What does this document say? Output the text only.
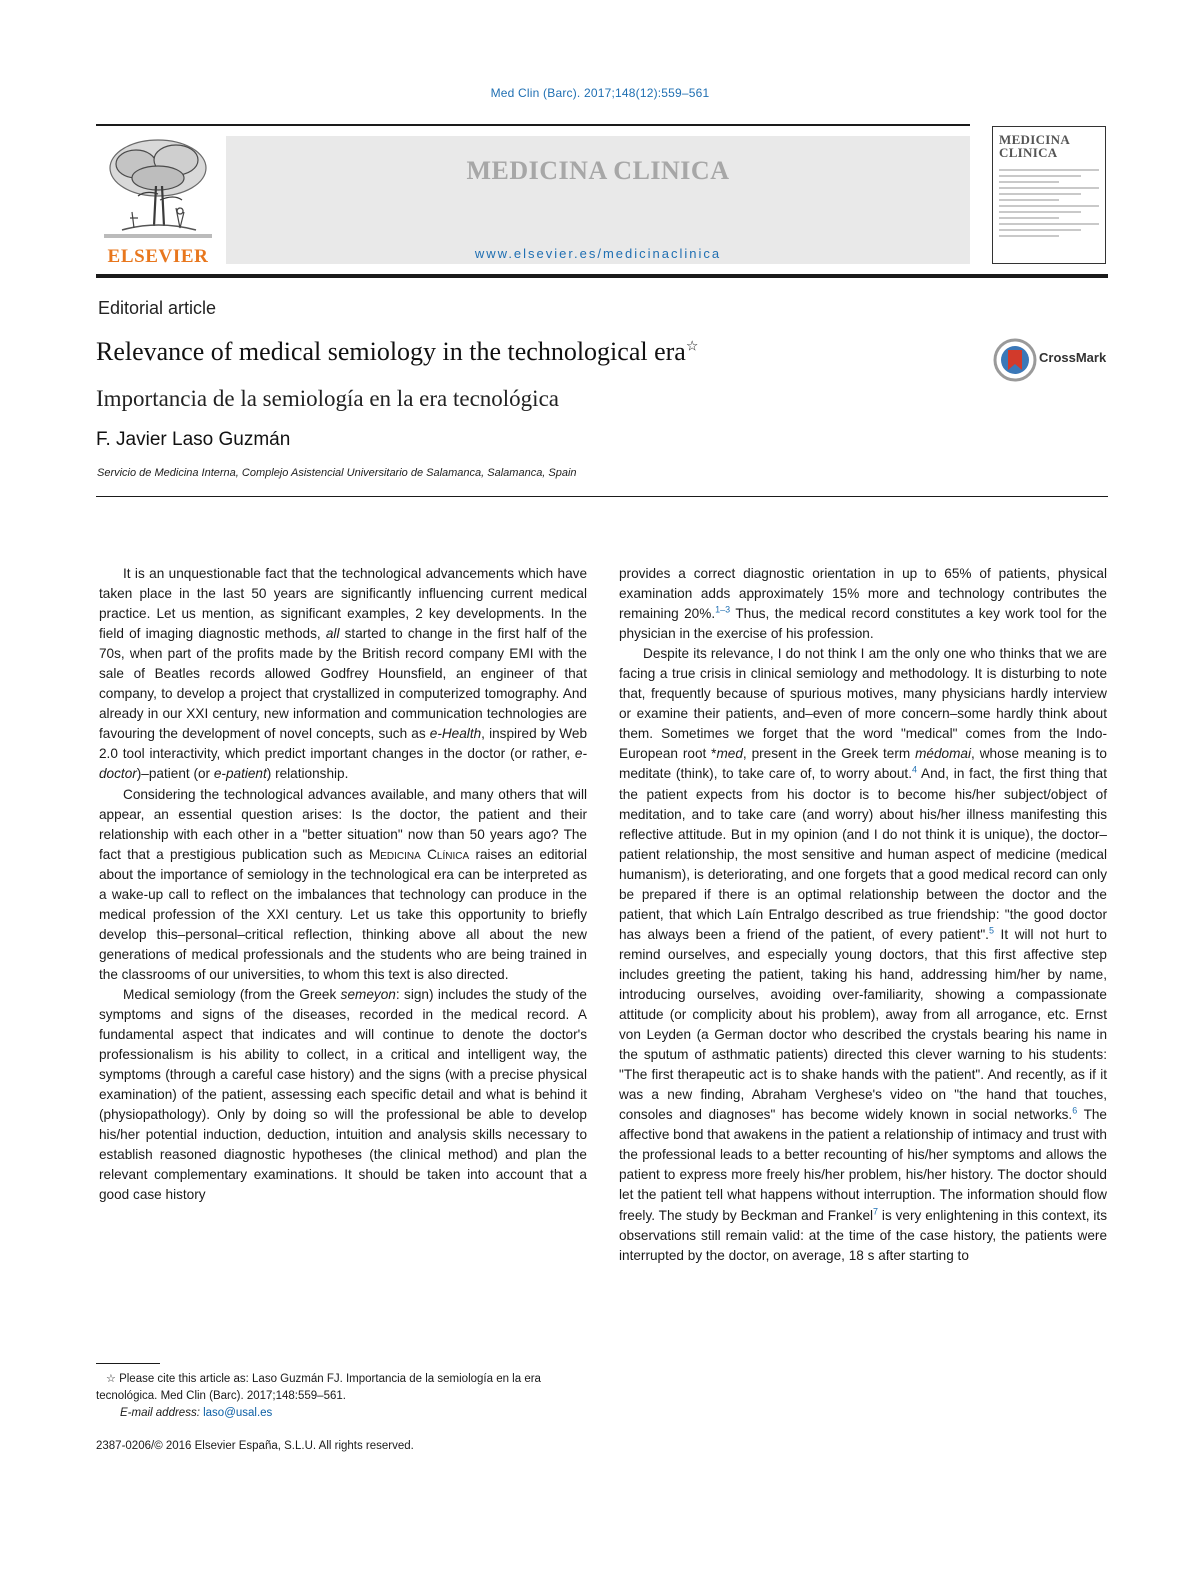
Med Clin (Barc). 2017;148(12):559–561
ELSEVIER
MEDICINA CLINICA
www.elsevier.es/medicinaclinica
MEDICINA
CLINICA
Editorial article
Relevance of medical semiology in the technological era☆
Importancia de la semiología en la era tecnológica
F. Javier Laso Guzmán
Servicio de Medicina Interna, Complejo Asistencial Universitario de Salamanca, Salamanca, Spain
CrossMark

It is an unquestionable fact that the technological advancements which have taken place in the last 50 years are significantly influencing current medical practice. Let us mention, as significant examples, 2 key developments. In the field of imaging diagnostic methods, all started to change in the first half of the 70s, when part of the profits made by the British record company EMI with the sale of Beatles records allowed Godfrey Hounsfield, an engineer of that company, to develop a project that crystallized in computerized tomography. And already in our XXI century, new information and communication technologies are favouring the development of novel concepts, such as e-Health, inspired by Web 2.0 tool interactivity, which predict important changes in the doctor (or rather, e-doctor)–patient (or e-patient) relationship.

Considering the technological advances available, and many others that will appear, an essential question arises: Is the doctor, the patient and their relationship with each other in a "better situation" now than 50 years ago? The fact that a prestigious publication such as Medicina Clínica raises an editorial about the importance of semiology in the technological era can be interpreted as a wake-up call to reflect on the imbalances that technology can produce in the medical profession of the XXI century. Let us take this opportunity to briefly develop this–personal–critical reflection, thinking above all about the new generations of medical professionals and the students who are being trained in the classrooms of our universities, to whom this text is also directed.

Medical semiology (from the Greek semeyon: sign) includes the study of the symptoms and signs of the diseases, recorded in the medical record. A fundamental aspect that indicates and will continue to denote the doctor's professionalism is his ability to collect, in a critical and intelligent way, the symptoms (through a careful case history) and the signs (with a precise physical examination) of the patient, assessing each specific detail and what is behind it (physiopathology). Only by doing so will the professional be able to develop his/her potential induction, deduction, intuition and analysis skills necessary to establish reasoned diagnostic hypotheses (the clinical method) and plan the relevant complementary examinations. It should be taken into account that a good case history

provides a correct diagnostic orientation in up to 65% of patients, physical examination adds approximately 15% more and technology contributes the remaining 20%.$^{1-3}$ Thus, the medical record constitutes a key work tool for the physician in the exercise of his profession.

Despite its relevance, I do not think I am the only one who thinks that we are facing a true crisis in clinical semiology and methodology. It is disturbing to note that, frequently because of spurious motives, many physicians hardly interview or examine their patients, and–even of more concern–some hardly think about them. Sometimes we forget that the word "medical" comes from the Indo-European root *med, present in the Greek term médomai, whose meaning is to meditate (think), to take care of, to worry about.$^4$ And, in fact, the first thing that the patient expects from his doctor is to become his/her subject/object of meditation, and to take care (and worry) about his/her illness manifesting this reflective attitude. But in my opinion (and I do not think it is unique), the doctor–patient relationship, the most sensitive and human aspect of medicine (medical humanism), is deteriorating, and one forgets that a good medical record can only be prepared if there is an optimal relationship between the doctor and the patient, that which Laín Entralgo described as true friendship: "the good doctor has always been a friend of the patient, of every patient".$^5$ It will not hurt to remind ourselves, and especially young doctors, that this first affective step includes greeting the patient, taking his hand, addressing him/her by name, introducing ourselves, avoiding over-familiarity, showing a compassionate attitude (or complicity about his problem), away from all arrogance, etc. Ernst von Leyden (a German doctor who described the crystals bearing his name in the sputum of asthmatic patients) directed this clever warning to his students: "The first therapeutic act is to shake hands with the patient". And recently, as if it was a new finding, Abraham Verghese's video on "the hand that touches, consoles and diagnoses" has become widely known in social networks.$^6$ The affective bond that awakens in the patient a relationship of intimacy and trust with the professional leads to a better recounting of his/her symptoms and allows the patient to express more freely his/her problem, his/her history. The doctor should let the patient tell what happens without interruption. The information should flow freely. The study by Beckman and Frankel$^7$ is very enlightening in this context, its observations still remain valid: at the time of the case history, the patients were interrupted by the doctor, on average, 18 s after starting to

☆ Please cite this article as: Laso Guzmán FJ. Importancia de la semiología en la era tecnológica. Med Clin (Barc). 2017;148:559–561.
E-mail address: laso@usal.es
2387-0206/© 2016 Elsevier España, S.L.U. All rights reserved.
